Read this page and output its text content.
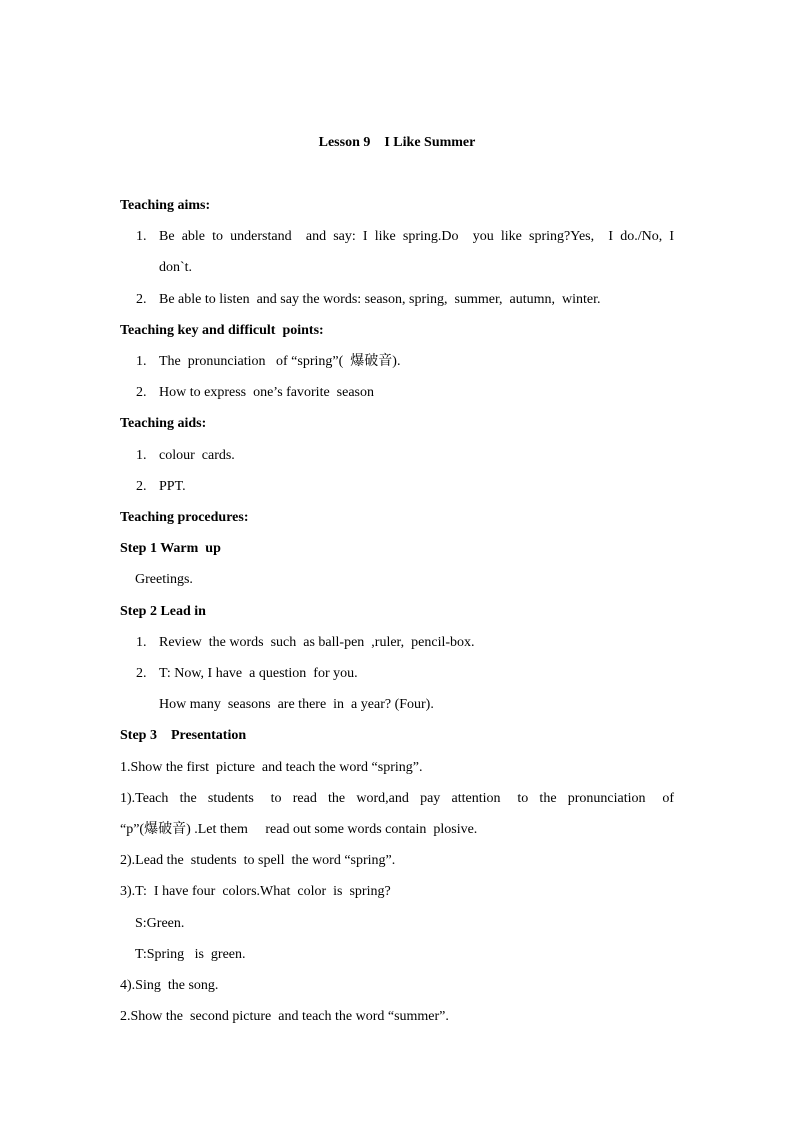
Lesson 9    I Like Summer
Teaching aims:
1. Be able to understand  and say: I like spring.Do  you like spring?Yes,  I do./No, I
don`t.
2. Be able to listen  and say the words: season, spring,  summer,  autumn,  winter.
Teaching key and difficult  points:
1. The  pronunciation   of “spring”(  爆破音).
2. How to express  one’s favorite  season
Teaching aids:
1. colour  cards.
2. PPT.
Teaching procedures:
Step 1 Warm  up
Greetings.
Step 2 Lead in
1. Review  the words  such  as ball-pen  ,ruler,  pencil-box.
2. T: Now, I have  a question  for you.
How many  seasons  are there  in  a year? (Four).
Step 3    Presentation
1.Show the first  picture  and teach the word “spring”.
1).Teach  the  students   to  read  the  word,and  pay  attention   to  the  pronunciation   of
“p”(爆破音) .Let them     read out some words contain  plosive.
2).Lead the  students  to spell  the word “spring”.
3).T:  I have four  colors.What  color  is  spring?
S:Green.
T:Spring   is  green.
4).Sing  the song.
2.Show the  second picture  and teach the word “summer”.
